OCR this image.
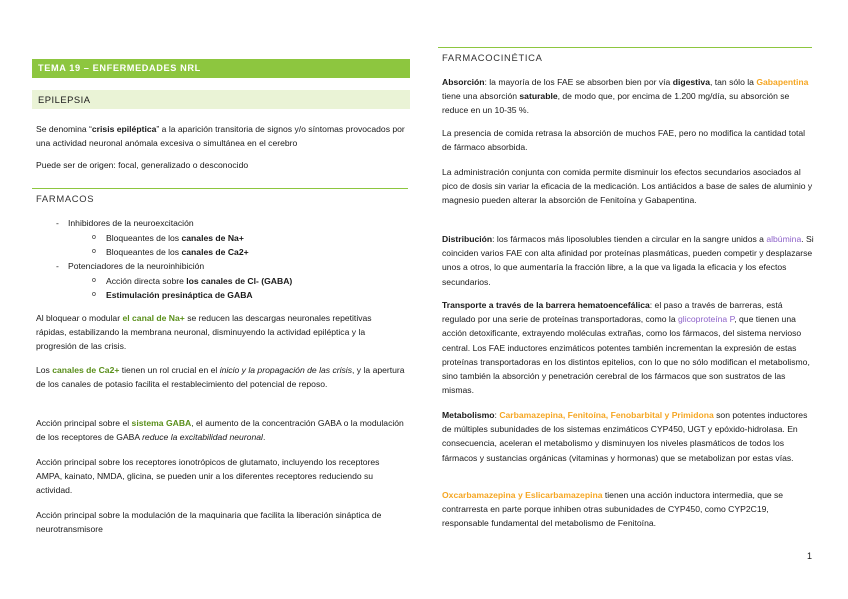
TEMA 19 – ENFERMEDADES NRL
EPILEPSIA

Se denomina “crisis epiléptica” a la aparición transitoria de signos y/o síntomas provocados por una actividad neuronal anómala excesiva o simultánea en el cerebro

Puede ser de origen: focal, generalizado o desconocido

FARMACOS
- Inhibidores de la neuroexcitación
o Bloqueantes de los canales de Na+
o Bloqueantes de los canales de Ca2+
- Potenciadores de la neuroinhibición
o Acción directa sobre los canales de Cl- (GABA)
o Estimulación presináptica de GABA

Al bloquear o modular el canal de Na+ se reducen las descargas neuronales repetitivas rápidas, estabilizando la membrana neuronal, disminuyendo la actividad epiléptica y la progresión de las crisis.

Los canales de Ca2+ tienen un rol crucial en el inicio y la propagación de las crisis, y la apertura de los canales de potasio facilita el restablecimiento del potencial de reposo.

Acción principal sobre el sistema GABA, el aumento de la concentración GABA o la modulación de los receptores de GABA reduce la excitabilidad neuronal.

Acción principal sobre los receptores ionotrópicos de glutamato, incluyendo los receptores AMPA, kainato, NMDA, glicina, se pueden unir a los diferentes receptores reduciendo su actividad.

Acción principal sobre la modulación de la maquinaria que facilita la liberación sináptica de neurotransmisore

FARMACOCINÉTICA

Absorción: la mayoría de los FAE se absorben bien por vía digestiva, tan sólo la Gabapentina tiene una absorción saturable, de modo que, por encima de 1.200 mg/día, su absorción se reduce en un 10-35 %.

La presencia de comida retrasa la absorción de muchos FAE, pero no modifica la cantidad total de fármaco absorbida.

La administración conjunta con comida permite disminuir los efectos secundarios asociados al pico de dosis sin variar la eficacia de la medicación. Los antiácidos a base de sales de aluminio y magnesio pueden alterar la absorción de Fenitoína y Gabapentina.

Distribución: los fármacos más liposolubles tienden a circular en la sangre unidos a albúmina. Si coinciden varios FAE con alta afinidad por proteínas plasmáticas, pueden competir y desplazarse unos a otros, lo que aumentaría la fracción libre, a la que va ligada la eficacia y los efectos secundarios.

Transporte a través de la barrera hematoencefálica: el paso a través de barreras, está regulado por una serie de proteínas transportadoras, como la glicoproteína P, que tienen una acción detoxificante, extrayendo moléculas extrañas, como los fármacos, del sistema nervioso central. Los FAE inductores enzimáticos potentes también incrementan la expresión de estas proteínas transportadoras en los distintos epitelios, con lo que no sólo modifican el metabolismo, sino también la absorción y penetración cerebral de los fármacos que son sustratos de las mismas.

Metabolismo: Carbamazepina, Fenitoína, Fenobarbital y Primidona son potentes inductores de múltiples subunidades de los sistemas enzimáticos CYP450, UGT y epóxido-hidrolasa. En consecuencia, aceleran el metabolismo y disminuyen los niveles plasmáticos de todos los fármacos y sustancias orgánicas (vitaminas y hormonas) que se metabolizan por estas vías.

Oxcarbamazepina y Eslicarbamazepina tienen una acción inductora intermedia, que se contrarresta en parte porque inhiben otras subunidades de CYP450, como CYP2C19, responsable fundamental del metabolismo de Fenitoína.

1
